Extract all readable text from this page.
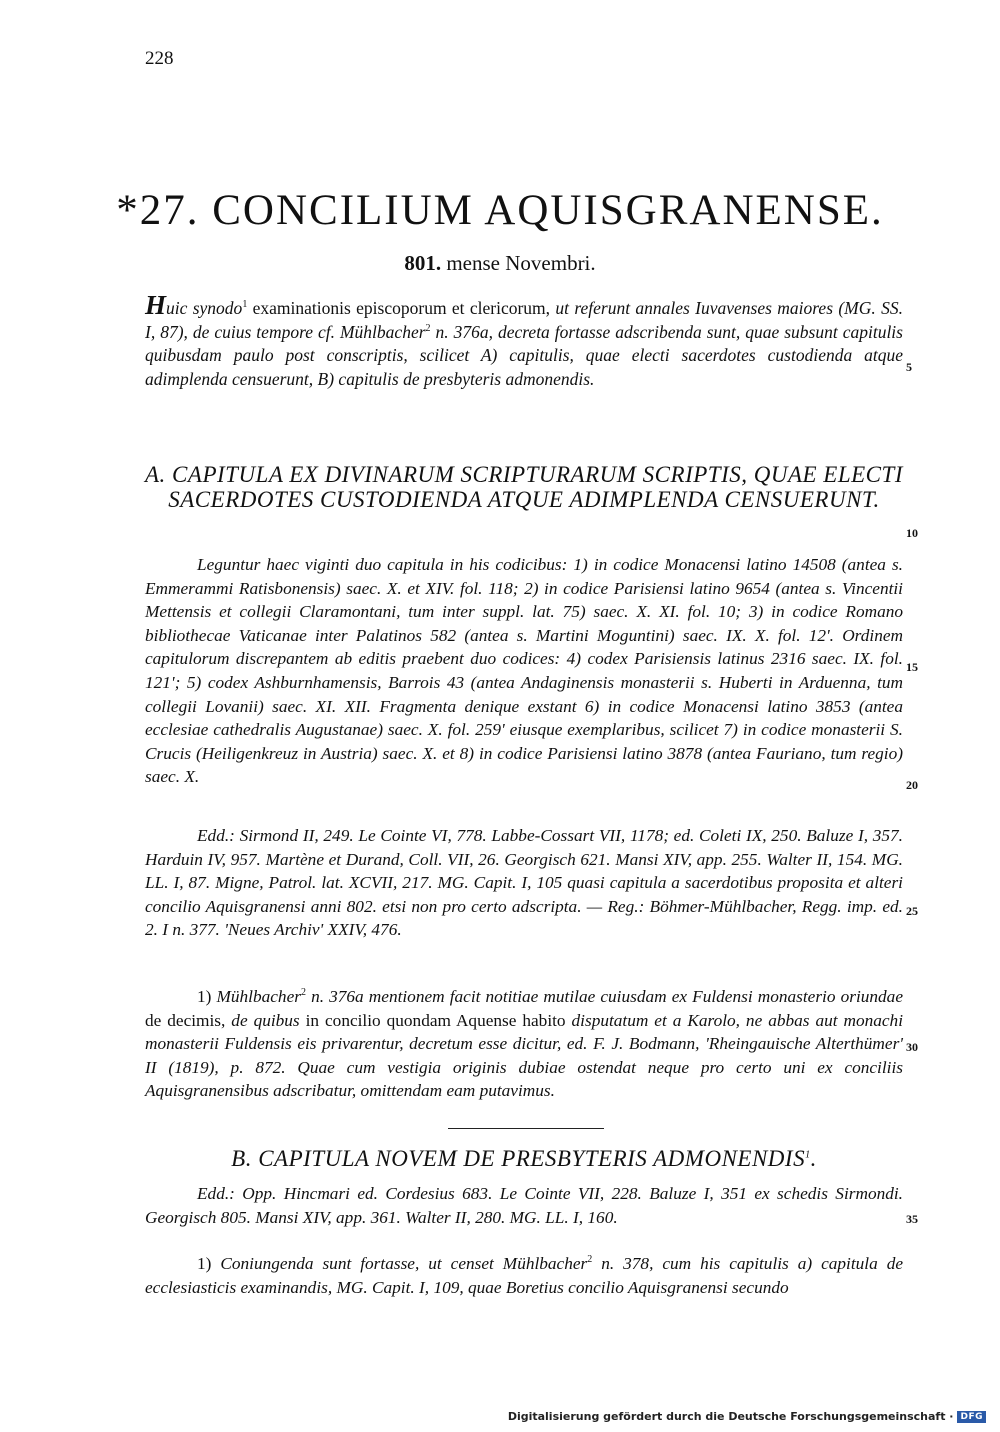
228
*27. CONCILIUM AQUISGRANENSE.
801. mense Novembri.
Huic synodo$^1$ examinationis episcoporum et clericorum, ut referunt annales Iuvavenses maiores (MG. SS. I, 87), de cuius tempore cf. Mühlbacher$^2$ n. 376a, decreta fortasse adscribenda sunt, quae subsunt capitulis quibusdam paulo post conscriptis, scilicet A) capitulis, quae electi sacerdotes custodienda atque adimplenda censuerunt, B) capitulis de presbyteris admonendis.
A. CAPITULA EX DIVINARUM SCRIPTURARUM SCRIPTIS, QUAE ELECTI SACERDOTES CUSTODIENDA ATQUE ADIMPLENDA CENSUERUNT.
Leguntur haec viginti duo capitula in his codicibus: 1) in codice Monacensi latino 14508 (antea s. Emmerammi Ratisbonensis) saec. X. et XIV. fol. 118; 2) in codice Parisiensi latino 9654 (antea s. Vincentii Mettensis et collegii Claramontani, tum inter suppl. lat. 75) saec. X. XI. fol. 10; 3) in codice Romano bibliothecae Vaticanae inter Palatinos 582 (antea s. Martini Moguntini) saec. IX. X. fol. 12'. Ordinem capitulorum discrepantem ab editis praebent duo codices: 4) codex Parisiensis latinus 2316 saec. IX. fol. 121'; 5) codex Ashburnhamensis, Barrois 43 (antea Andaginensis monasterii s. Huberti in Arduenna, tum collegii Lovanii) saec. XI. XII. Fragmenta denique exstant 6) in codice Monacensi latino 3853 (antea ecclesiae cathedralis Augustanae) saec. X. fol. 259' eiusque exemplaribus, scilicet 7) in codice monasterii S. Crucis (Heiligenkreuz in Austria) saec. X. et 8) in codice Parisiensi latino 3878 (antea Fauriano, tum regio) saec. X.
Edd.: Sirmond II, 249. Le Cointe VI, 778. Labbe-Cossart VII, 1178; ed. Coleti IX, 250. Baluze I, 357. Harduin IV, 957. Martène et Durand, Coll. VII, 26. Georgisch 621. Mansi XIV, app. 255. Walter II, 154. MG. LL. I, 87. Migne, Patrol. lat. XCVII, 217. MG. Capit. I, 105 quasi capitula a sacerdotibus proposita et alteri concilio Aquisgranensi anni 802. etsi non pro certo adscripta. — Reg.: Böhmer-Mühlbacher, Regg. imp. ed. 2. I n. 377. 'Neues Archiv' XXIV, 476.
1) Mühlbacher$^2$ n. 376a mentionem facit notitiae mutilae cuiusdam ex Fuldensi monasterio oriundae de decimis, de quibus in concilio quondam Aquense habito disputatum et a Karolo, ne abbas aut monachi monasterii Fuldensis eis privarentur, decretum esse dicitur, ed. F. J. Bodmann, 'Rheingauische Alterthümer' II (1819), p. 872. Quae cum vestigia originis dubiae ostendat neque pro certo uni ex conciliis Aquisgranensibus adscribatur, omittendam eam putavimus.
B. CAPITULA NOVEM DE PRESBYTERIS ADMONENDIS$^1$.
Edd.: Opp. Hincmari ed. Cordesius 683. Le Cointe VII, 228. Baluze I, 351 ex schedis Sirmondi. Georgisch 805. Mansi XIV, app. 361. Walter II, 280. MG. LL. I, 160.
1) Coniungenda sunt fortasse, ut censet Mühlbacher$^2$ n. 378, cum his capitulis a) capitula de ecclesiasticis examinandis, MG. Capit. I, 109, quae Boretius concilio Aquisgranensi secundo
5
10
15
20
25
30
35
Digitalisierung gefördert durch die Deutsche Forschungsgemeinschaft · DFG
